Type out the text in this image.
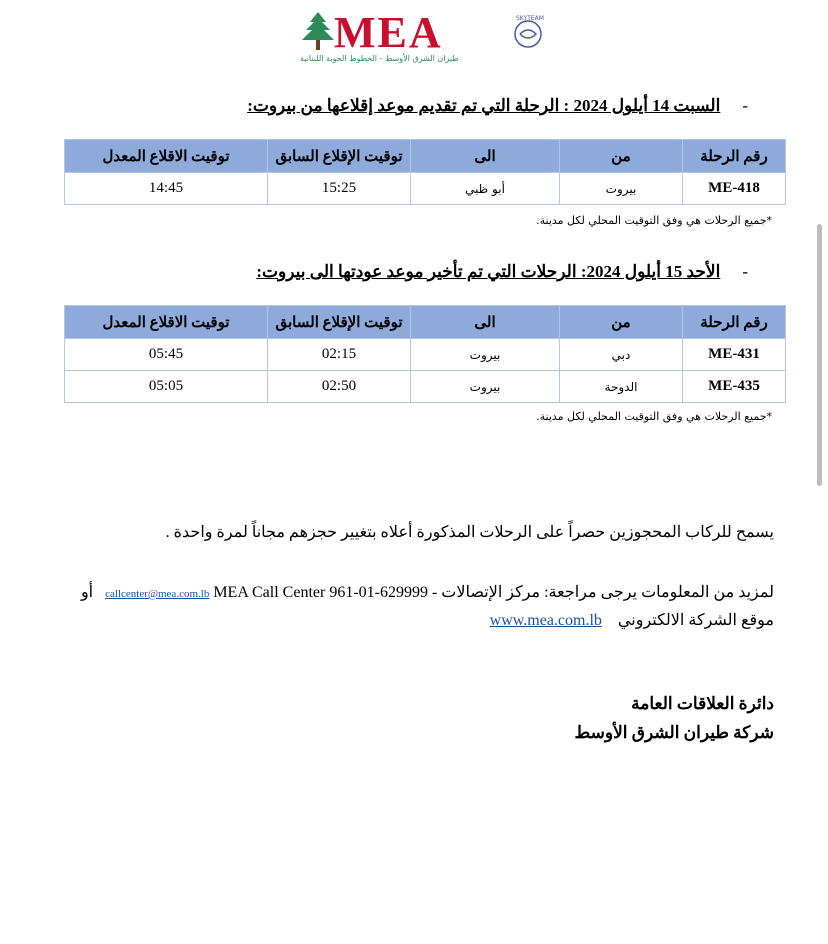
MEA
طيران الشرق الأوسط - الخطوط الجوية اللبنانية
SKYTEAM
-السبت 14 أيلول 2024 : الرحلة التي تم تقديم موعد إقلاعها من بيروت:
رقم الرحلة	من	الى	توقيت الإقلاع السابق	توقيت الاقلاع المعدل
ME-418	بيروت	أبو ظبي	15:25	14:45
*جميع الرحلات هي وفق التوقيت المحلي لكل مدينة.
-الأحد 15 أيلول 2024: الرحلات التي تم تأخير موعد عودتها الى بيروت:
رقم الرحلة	من	الى	توقيت الإقلاع السابق	توقيت الاقلاع المعدل
ME-431	دبي	بيروت	02:15	05:45
ME-435	الدوحة	بيروت	02:50	05:05
*جميع الرحلات هي وفق التوقيت المحلي لكل مدينة.
يسمح للركاب المحجوزين حصراً على الرحلات المذكورة أعلاه بتغيير حجزهم مجاناً لمرة واحدة .
لمزيد من المعلومات يرجى مراجعة: مركز الإتصالات MEA Call Center 961-01-629999 - callcenter@mea.com.lb أو
موقع الشركة الالكتروني www.mea.com.lb
دائرة العلاقات العامة
شركة طيران الشرق الأوسط
